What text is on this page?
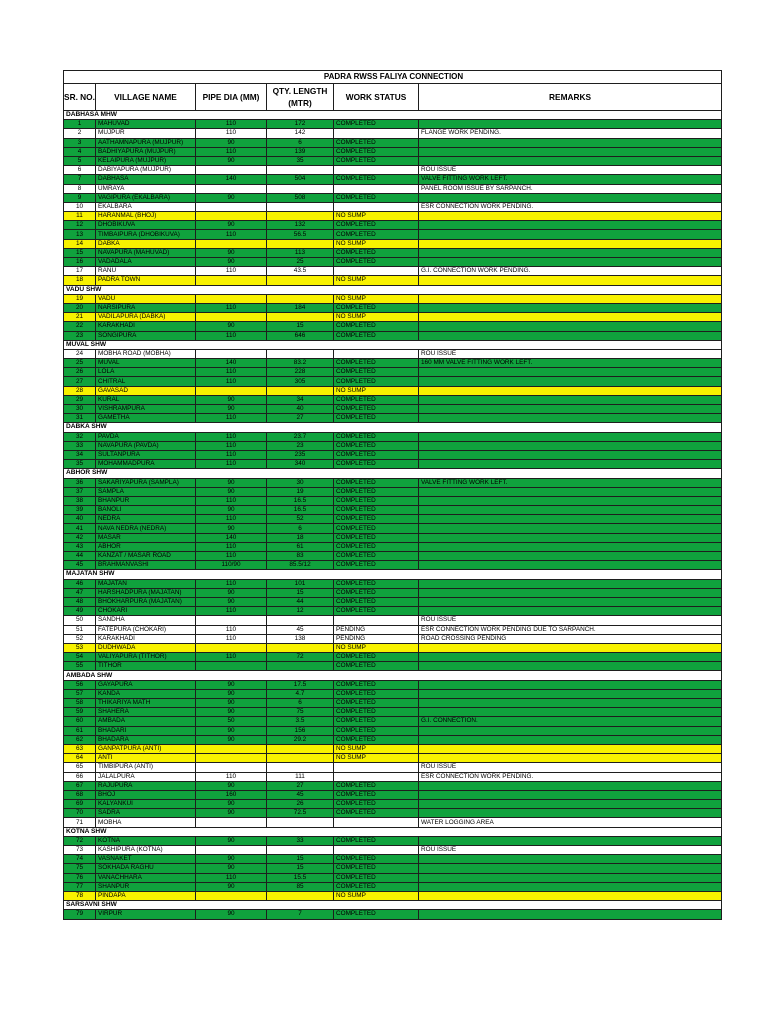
PADRA RWSS FALIYA CONNECTION					
SR. NO.	VILLAGE NAME	PIPE DIA (MM)	QTY. LENGTH (MTR)	WORK STATUS	REMARKS
DABHASA MHW					
1	MAHUVAD	110	172	COMPLETED	
2	MUJPUR	110	142		FLANGE WORK PENDING.
3	AATHAMNAPURA (MUJPUR)	90	6	COMPLETED	
4	BADHIYAPURA (MUJPUR)	110	139	COMPLETED	
5	KELAIPURA (MUJPUR)	90	35	COMPLETED	
6	DABIYAPURA (MUJPUR)				ROU ISSUE
7	DABHASA	140	504	COMPLETED	VALVE FITTING WORK LEFT.
8	UMRAYA				PANEL ROOM ISSUE BY SARPANCH.
9	VAGIPURA (EKALBARA)	90	508	COMPLETED	
10	EKALBARA				ESR CONNECTION WORK PENDING.
11	HARANMAL (BHOJ)			NO SUMP	
12	DHOBIKUVA	90	132	COMPLETED	
13	TIMBAIPURA (DHOBIKUVA)	110	56.5	COMPLETED	
14	DABKA			NO SUMP	
15	NAVAPURA (MAHUVAD)	90	113	COMPLETED	
16	VADADALA	90	25	COMPLETED	
17	RANU	110	43.5		G.I. CONNECTION WORK PENDING.
18	PADRA TOWN			NO SUMP	
VADU SHW					
19	VADU			NO SUMP	
20	NARSIPURA	110	184	COMPLETED	
21	VADILAPURA (DABKA)			NO SUMP	
22	KARAKHADI	90	15	COMPLETED	
23	SONGIPURA	110	646	COMPLETED	
MUVAL SHW					
24	MOBHA ROAD (MOBHA)				ROU ISSUE
25	MUVAL	140	83.2	COMPLETED	160 MM VALVE FITTING WORK LEFT.
26	LOLA	110	228	COMPLETED	
27	CHITRAL	110	305	COMPLETED	
28	GAVASAD			NO SUMP	
29	KURAL	90	34	COMPLETED	
30	VISHRAMPURA	90	40	COMPLETED	
31	GAMETHA	110	27	COMPLETED	
DABKA SHW					
32	PAVDA	110	23.7	COMPLETED	
33	NAVAPURA (PAVDA)	110	23	COMPLETED	
34	SULTANPURA	110	235	COMPLETED	
35	MOHAMMADPURA	110	340	COMPLETED	
ABHOR SHW					
36	SAKARIYAPURA (SAMPLA)	90	30	COMPLETED	VALVE FITTING WORK LEFT.
37	SAMPLA	90	19	COMPLETED	
38	BHANPUR	110	16.5	COMPLETED	
39	BANOLI	90	16.5	COMPLETED	
40	NEDRA	110	52	COMPLETED	
41	NAVA NEDRA (NEDRA)	90	6	COMPLETED	
42	MASAR	140	18	COMPLETED	
43	ABHOR	110	61	COMPLETED	
44	KANZAT / MASAR ROAD	110	83	COMPLETED	
45	BRAHMANVASHI	110/90	85.5/12	COMPLETED	
MAJATAN SHW					
46	MAJATAN	110	101	COMPLETED	
47	HARSHADPURA (MAJATAN)	90	15	COMPLETED	
48	BHOKHARPURA (MAJATAN)	90	44	COMPLETED	
49	CHOKARI	110	12	COMPLETED	
50	SANDHA				ROU ISSUE
51	FATEPURA (CHOKARI)	110	45	PENDING	ESR CONNECTION WORK PENDING DUE TO SARPANCH.
52	KARAKHADI	110	138	PENDING	ROAD CROSSING PENDING
53	DUDHWADA			NO SUMP	
54	VALIYAPURA (TITHOR)	110	72	COMPLETED	
55	TITHOR			COMPLETED	
AMBADA SHW					
56	GAYAPURA	90	17.5	COMPLETED	
57	KANDA	90	4.7	COMPLETED	
58	THIKARIYA MATH	90	6	COMPLETED	
59	SHAHERA	90	75	COMPLETED	
60	AMBADA	50	3.5	COMPLETED	G.I. CONNECTION.
61	BHADARI	90	156	COMPLETED	
62	BHADARA	90	29.2	COMPLETED	
63	GANPATPURA (ANTI)			NO SUMP	
64	ANTI			NO SUMP	
65	TIMBIPURA (ANTI)				ROU ISSUE
66	JALALPURA	110	111		ESR CONNECTION WORK PENDING.
67	RAJUPURA	90	27	COMPLETED	
68	BHOJ	160	45	COMPLETED	
69	KALYANKUI	90	26	COMPLETED	
70	SADRA	90	72.5	COMPLETED	
71	MOBHA				WATER LOGGING AREA
KOTNA SHW					
72	KOTNA	90	33	COMPLETED	
73	KASHIPURA (KOTNA)				ROU ISSUE
74	VASNAKET	90	15	COMPLETED	
75	SOKHADA RAGHU	90	15	COMPLETED	
76	VANACHHARA	110	15.5	COMPLETED	
77	SHANPUR	90	85	COMPLETED	
78	PINDAPA			NO SUMP	
SARSAVNI SHW					
79	VIRPUR	90	7	COMPLETED	
